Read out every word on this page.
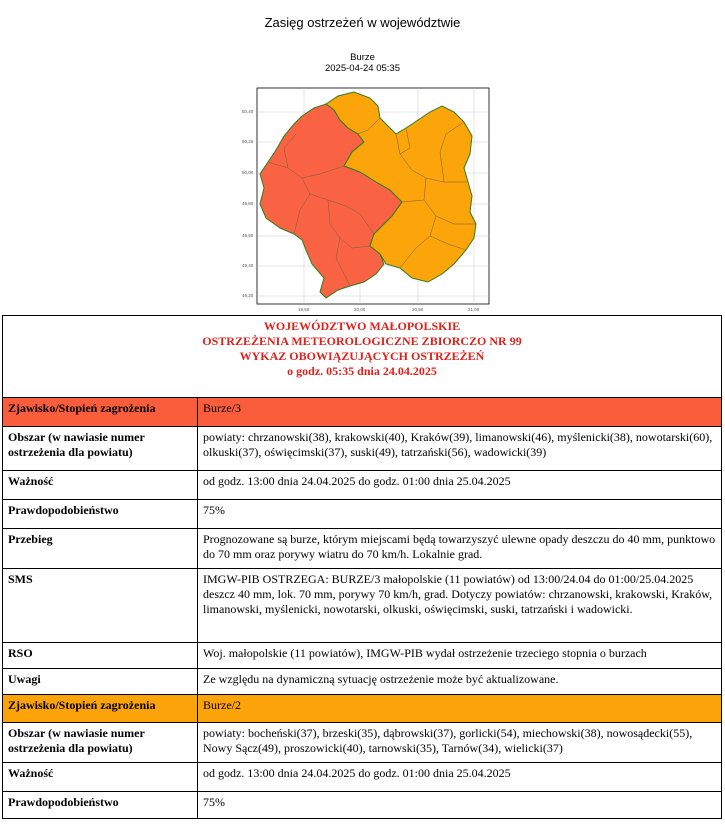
Zasięg ostrzeżeń w województwie
Burze
2025-04-24 05:35
50,40
50,25
50,00
49,80
49,60
49,40
49,20
19,50	20,00	20,50	21,00
WOJEWÓDZTWO MAŁOPOLSKIE
OSTRZEŻENIA METEOROLOGICZNE ZBIORCZO NR 99
WYKAZ OBOWIĄZUJĄCYCH OSTRZEŻEŃ
o godz. 05:35 dnia 24.04.2025	

Zjawisko/Stopień zagrożenia	Burze/3
Obszar (w nawiasie numer ostrzeżenia dla powiatu)	powiaty: chrzanowski(38), krakowski(40), Kraków(39), limanowski(46), myślenicki(38), nowotarski(60), olkuski(37), oświęcimski(37), suski(49), tatrzański(56), wadowicki(39)
Ważność	od godz. 13:00 dnia 24.04.2025 do godz. 01:00 dnia 25.04.2025
Prawdopodobieństwo	75%
Przebieg	Prognozowane są burze, którym miejscami będą towarzyszyć ulewne opady deszczu do 40 mm, punktowo do 70 mm oraz porywy wiatru do 70 km/h. Lokalnie grad.
SMS	IMGW-PIB OSTRZEGA: BURZE/3 małopolskie (11 powiatów) od 13:00/24.04 do 01:00/25.04.2025 deszcz 40 mm, lok. 70 mm, porywy 70 km/h, grad. Dotyczy powiatów: chrzanowski, krakowski, Kraków, limanowski, myślenicki, nowotarski, olkuski, oświęcimski, suski, tatrzański i wadowicki.
RSO	Woj. małopolskie (11 powiatów), IMGW-PIB wydał ostrzeżenie trzeciego stopnia o burzach
Uwagi	Ze względu na dynamiczną sytuację ostrzeżenie może być aktualizowane.
Zjawisko/Stopień zagrożenia	Burze/2
Obszar (w nawiasie numer ostrzeżenia dla powiatu)	powiaty: bocheński(37), brzeski(35), dąbrowski(37), gorlicki(54), miechowski(38), nowosądecki(55), Nowy Sącz(49), proszowicki(40), tarnowski(35), Tarnów(34), wielicki(37)
Ważność	od godz. 13:00 dnia 24.04.2025 do godz. 01:00 dnia 25.04.2025
Prawdopodobieństwo	75%
